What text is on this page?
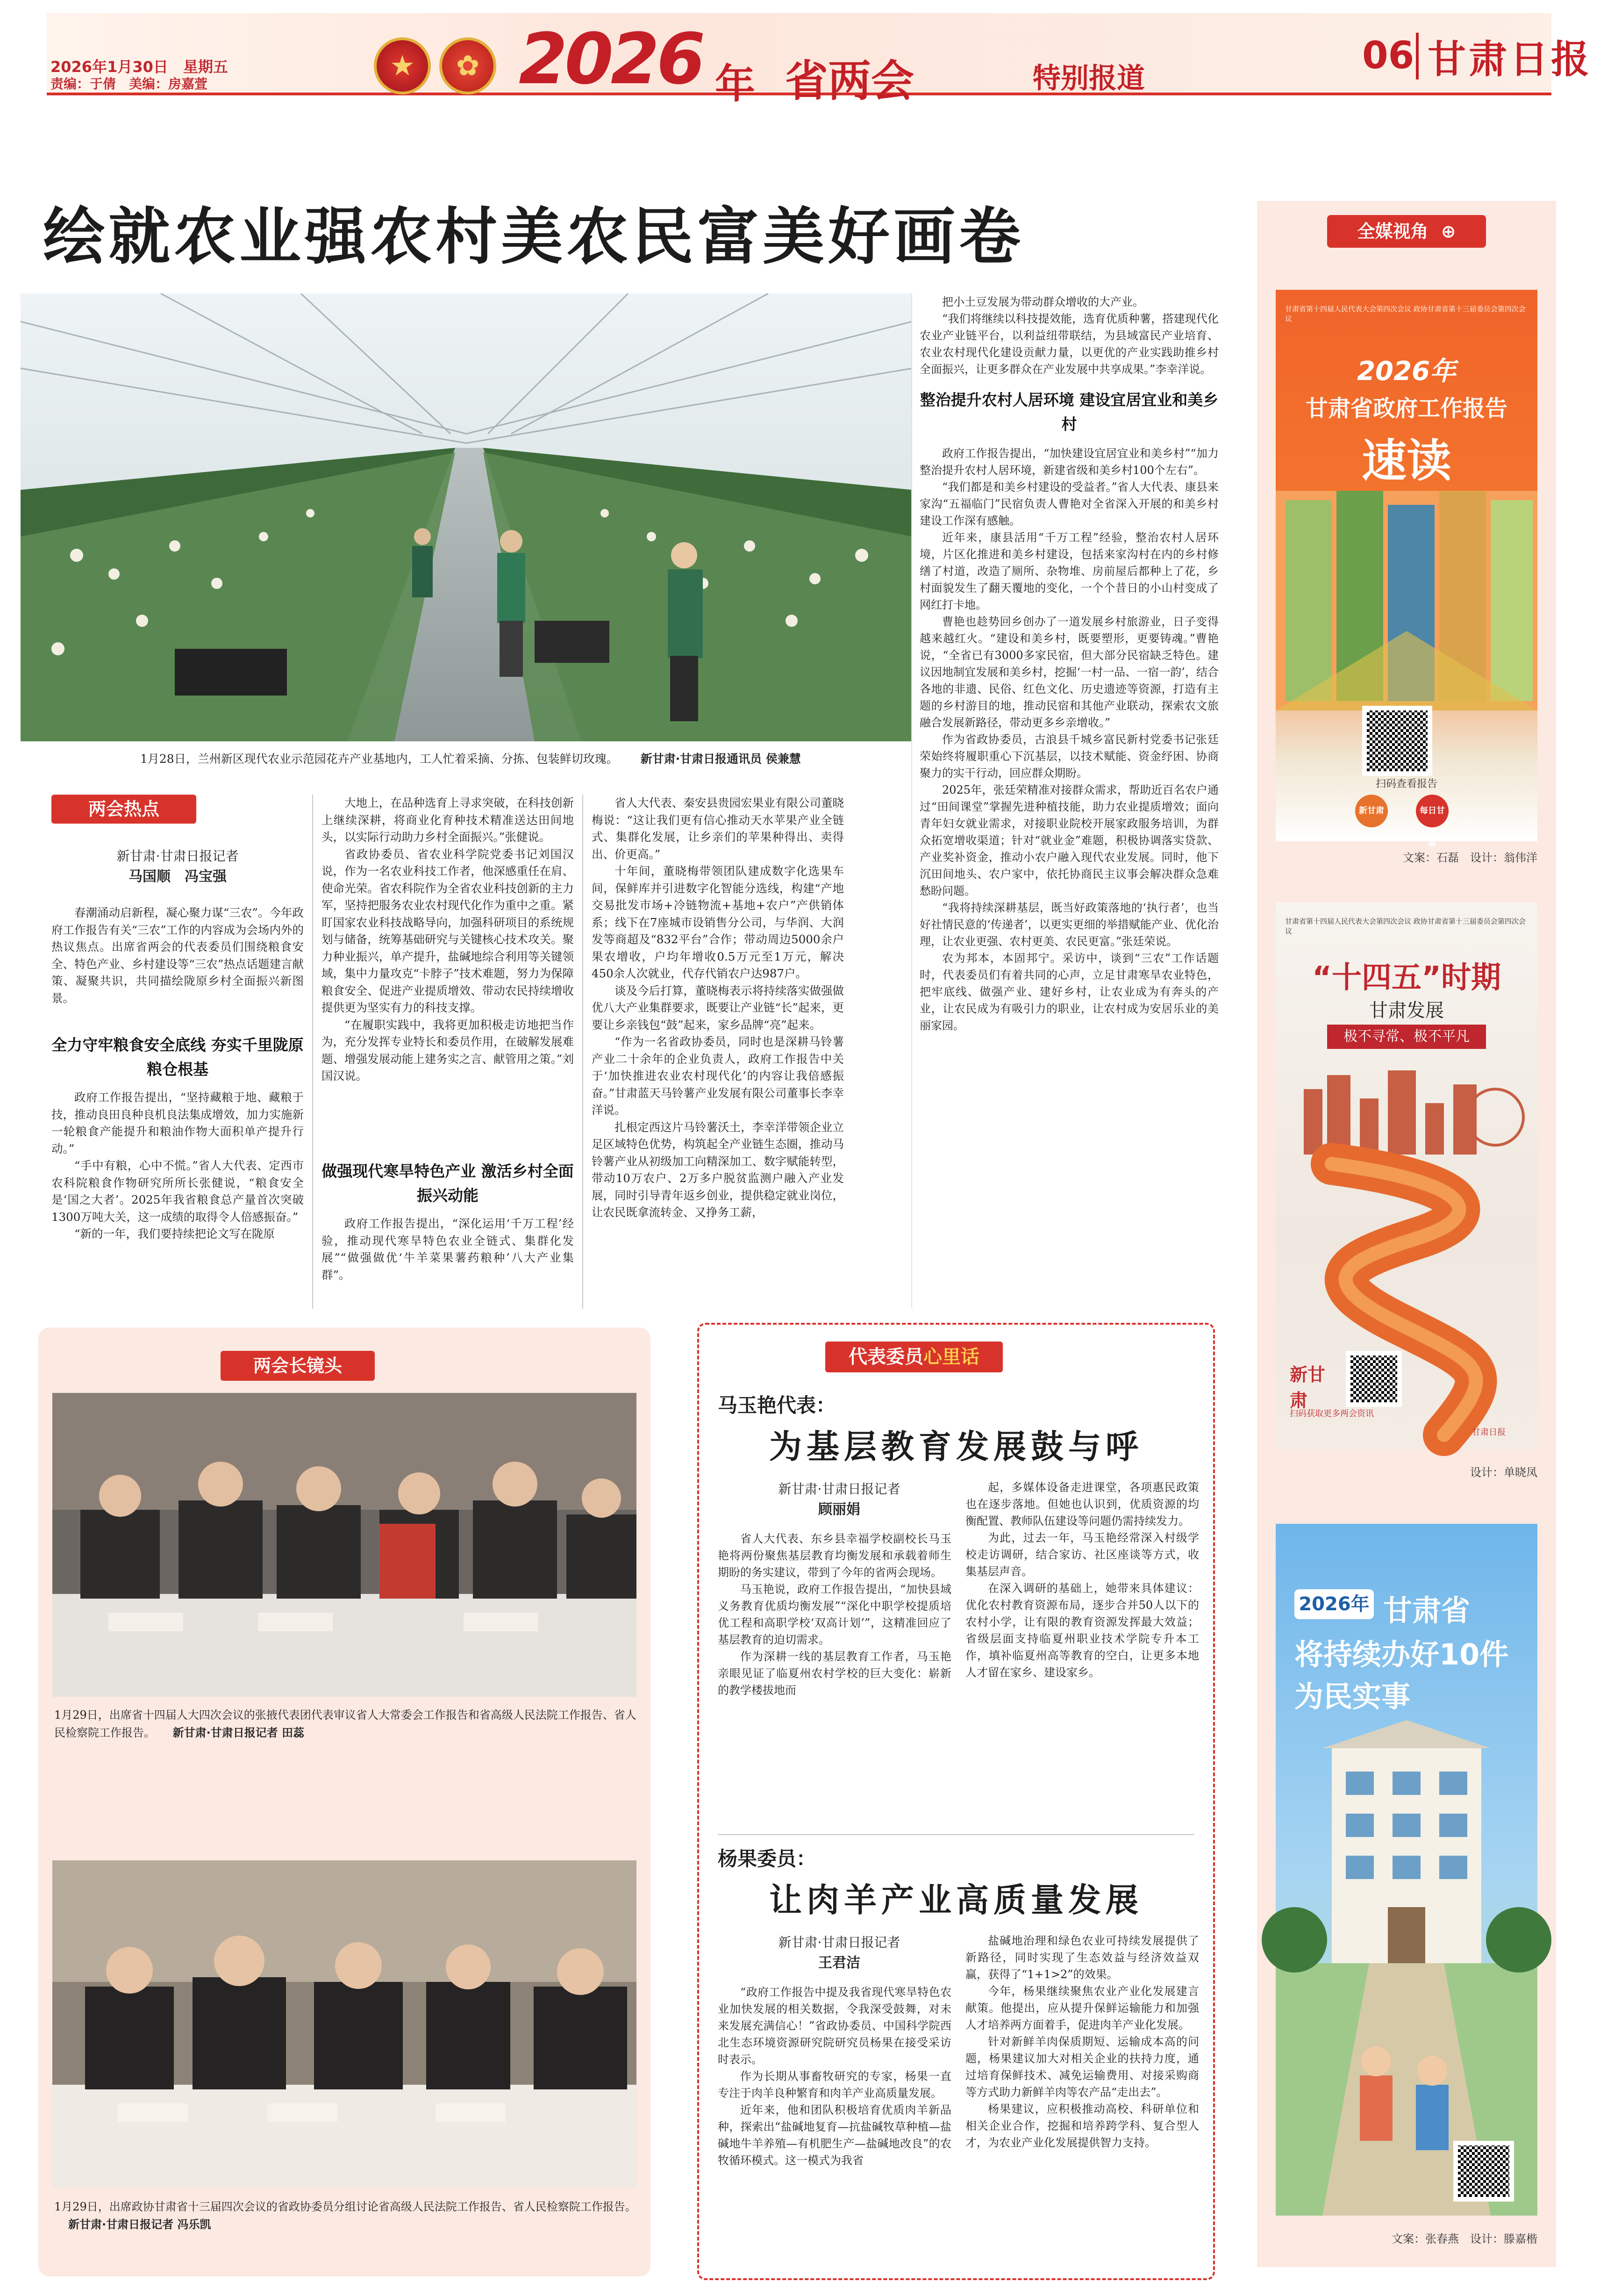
2026年1月30日　星期五
责编：于倩　美编：房嘉萱
★	✿ 2026 年 省两会	特别报道
06 甘肃日报
绘就农业强农村美农民富美好画卷
1月28日，兰州新区现代农业示范园花卉产业基地内，工人忙着采摘、分拣、包装鲜切玫瑰。 新甘肃·甘肃日报通讯员 侯兼慧
两会热点
新甘肃·甘肃日报记者
马国顺　冯宝强

春潮涌动启新程，凝心聚力谋“三农”。今年政府工作报告有关“三农”工作的内容成为会场内外的热议焦点。出席省两会的代表委员们围绕粮食安全、特色产业、乡村建设等“三农”热点话题建言献策、凝聚共识，共同描绘陇原乡村全面振兴新图景。

全力守牢粮食安全底线 夯实千里陇原粮仓根基

政府工作报告提出，“坚持藏粮于地、藏粮于技，推动良田良种良机良法集成增效，加力实施新一轮粮食产能提升和粮油作物大面积单产提升行动。”

“手中有粮，心中不慌。”省人大代表、定西市农科院粮食作物研究所所长张健说，“粮食安全是‘国之大者’。2025年我省粮食总产量首次突破1300万吨大关，这一成绩的取得令人倍感振奋。”

“新的一年，我们要持续把论文写在陇原

大地上，在品种选育上寻求突破，在科技创新上继续深耕，将商业化育种技术精准送达田间地头，以实际行动助力乡村全面振兴。”张健说。

省政协委员、省农业科学院党委书记刘国汉说，作为一名农业科技工作者，他深感重任在肩、使命光荣。省农科院作为全省农业科技创新的主力军，坚持把服务农业农村现代化作为重中之重。紧盯国家农业科技战略导向，加强科研项目的系统规划与储备，统筹基础研究与关键核心技术攻关。聚力种业振兴，单产提升，盐碱地综合利用等关键领域，集中力量攻克“卡脖子”技术难题，努力为保障粮食安全、促进产业提质增效、带动农民持续增收提供更为坚实有力的科技支撑。

“在履职实践中，我将更加积极走访地把当作为，充分发挥专业特长和委员作用，在破解发展难题、增强发展动能上建务实之言、献管用之策。”刘国汉说。

做强现代寒旱特色产业 激活乡村全面振兴动能

政府工作报告提出，“深化运用‘千万工程’经验，推动现代寒旱特色农业全链式、集群化发展”“做强做优‘牛羊菜果薯药粮种’八大产业集群”。

省人大代表、秦安县贵园宏果业有限公司董晓梅说：“这让我们更有信心推动天水苹果产业全链式、集群化发展，让乡亲们的苹果种得出、卖得出、价更高。”

十年间，董晓梅带领团队建成数字化选果车间，保鲜库并引进数字化智能分选线，构建“产地交易批发市场+冷链物流+基地+农户”产供销体系；线下在7座城市设销售分公司，与华润、大润发等商超及“832平台”合作；带动周边5000余户果农增收，户均年增收0.5万元至1万元，解决450余人次就业，代存代销农户达987户。

谈及今后打算，董晓梅表示将持续落实做强做优八大产业集群要求，既要让产业链“长”起来，更要让乡亲钱包“鼓”起来，家乡品牌“亮”起来。

“作为一名省政协委员，同时也是深耕马铃薯产业二十余年的企业负责人，政府工作报告中关于‘加快推进农业农村现代化’的内容让我倍感振奋。”甘肃蓝天马铃薯产业发展有限公司董事长李幸洋说。

扎根定西这片马铃薯沃土，李幸洋带领企业立足区域特色优势，构筑起全产业链生态圈，推动马铃薯产业从初级加工向精深加工、数字赋能转型，带动10万农户、2万多户脱贫监测户融入产业发展，同时引导青年返乡创业，提供稳定就业岗位，让农民既拿流转金、又挣务工薪，

把小土豆发展为带动群众增收的大产业。

“我们将继续以科技提效能，选育优质种薯，搭建现代化农业产业链平台，以利益纽带联结，为县域富民产业培育、农业农村现代化建设贡献力量，以更优的产业实践助推乡村全面振兴，让更多群众在产业发展中共享成果。”李幸洋说。

整治提升农村人居环境 建设宜居宜业和美乡村

政府工作报告提出，“加快建设宜居宜业和美乡村”“加力整治提升农村人居环境，新建省级和美乡村100个左右”。

“我们都是和美乡村建设的受益者。”省人大代表、康县来家沟“五福临门”民宿负责人曹艳对全省深入开展的和美乡村建设工作深有感触。

近年来，康县活用“千万工程”经验，整治农村人居环境，片区化推进和美乡村建设，包括来家沟村在内的乡村修缮了村道，改造了厕所、杂物堆、房前屋后都种上了花，乡村面貌发生了翻天覆地的变化，一个个昔日的小山村变成了网红打卡地。

曹艳也趁势回乡创办了一道发展乡村旅游业，日子变得越来越红火。“建设和美乡村，既要塑形，更要铸魂。”曹艳说，“全省已有3000多家民宿，但大部分民宿缺乏特色。建议因地制宜发展和美乡村，挖掘‘一村一品、一宿一韵’，结合各地的非遗、民俗、红色文化、历史遗迹等资源，打造有主题的乡村游目的地，推动民宿和其他产业联动，探索农文旅融合发展新路径，带动更多乡亲增收。”

作为省政协委员，古浪县千城乡富民新村党委书记张廷荣始终将履职重心下沉基层，以技术赋能、资金纾困、协商聚力的实干行动，回应群众期盼。

2025年，张廷荣精准对接群众需求，帮助近百名农户通过“田间课堂”掌握先进种植技能，助力农业提质增效；面向青年妇女就业需求，对接职业院校开展家政服务培训，为群众拓宽增收渠道；针对“就业金”难题，积极协调落实贷款、产业奖补资金，推动小农户融入现代农业发展。同时，他下沉田间地头、农户家中，依托协商民主议事会解决群众急难愁盼问题。

“我将持续深耕基层，既当好政策落地的‘执行者’，也当好社情民意的‘传递者’，以更实更细的举措赋能产业、优化治理，让农业更强、农村更美、农民更富。”张廷荣说。

农为邦本，本固邦宁。采访中，谈到“三农”工作话题时，代表委员们有着共同的心声，立足甘肃寒旱农业特色，把牢底线、做强产业、建好乡村，让农业成为有奔头的产业，让农民成为有吸引力的职业，让农村成为安居乐业的美丽家园。

两会长镜头
1月29日，出席省十四届人大四次会议的张掖代表团代表审议省人大常委会工作报告和省高级人民法院工作报告、省人民检察院工作报告。 新甘肃·甘肃日报记者 田蕊
1月29日，出席政协甘肃省十三届四次会议的省政协委员分组讨论省高级人民法院工作报告、省人民检察院工作报告。 新甘肃·甘肃日报记者 冯乐凯
代表委员心里话
马玉艳代表：
为基层教育发展鼓与呼
新甘肃·甘肃日报记者
顾丽娟

省人大代表、东乡县幸福学校副校长马玉艳将两份聚焦基层教育均衡发展和承载着师生期盼的务实建议，带到了今年的省两会现场。

马玉艳说，政府工作报告提出，“加快县域义务教育优质均衡发展”“深化中职学校提质培优工程和高职学校‘双高计划’”，这精准回应了基层教育的迫切需求。

作为深耕一线的基层教育工作者，马玉艳亲眼见证了临夏州农村学校的巨大变化：崭新的教学楼拔地而

起，多媒体设备走进课堂，各项惠民政策也在逐步落地。但她也认识到，优质资源的均衡配置、教师队伍建设等问题仍需持续发力。

为此，过去一年，马玉艳经常深入村级学校走访调研，结合家访、社区座谈等方式，收集基层声音。

在深入调研的基础上，她带来具体建议：优化农村教育资源布局，逐步合并50人以下的农村小学，让有限的教育资源发挥最大效益；省级层面支持临夏州职业技术学院专升本工作，填补临夏州高等教育的空白，让更多本地人才留在家乡、建设家乡。

杨果委员：
让肉羊产业高质量发展
新甘肃·甘肃日报记者
王君洁

“政府工作报告中提及我省现代寒旱特色农业加快发展的相关数据，令我深受鼓舞，对未来发展充满信心！”省政协委员、中国科学院西北生态环境资源研究院研究员杨果在接受采访时表示。

作为长期从事畜牧研究的专家，杨果一直专注于肉羊良种繁育和肉羊产业高质量发展。

近年来，他和团队积极培育优质肉羊新品种，探索出“盐碱地复育—抗盐碱牧草种植—盐碱地牛羊养殖—有机肥生产—盐碱地改良”的农牧循环模式。这一模式为我省

盐碱地治理和绿色农业可持续发展提供了新路径，同时实现了生态效益与经济效益双赢，获得了“1+1>2”的效果。

今年，杨果继续聚焦农业产业化发展建言献策。他提出，应从提升保鲜运输能力和加强人才培养两方面着手，促进肉羊产业化发展。

针对新鲜羊肉保质期短、运输成本高的问题，杨果建议加大对相关企业的扶持力度，通过培育保鲜技术、减免运输费用、对接采购商等方式助力新鲜羊肉等农产品“走出去”。

杨果建议，应积极推动高校、科研单位和相关企业合作，挖掘和培养跨学科、复合型人才，为农业产业化发展提供智力支持。

全媒视角 ⊕
甘肃省第十四届人民代表大会第四次会议 政协甘肃省第十三届委员会第四次会议
2026年
甘肃省政府工作报告
速读
扫码查看报告
新甘肃	每日甘肃
文案：石磊　设计：翁伟洋
甘肃省第十四届人民代表大会第四次会议 政协甘肃省第十三届委员会第四次会议
“十四五”时期
甘肃发展
极不寻常、极不平凡
新甘肃
扫码获取更多两会资讯
甘肃日报
设计：单晓凤
2026年 甘肃省
将持续办好10件
为民实事
文案：张春燕　设计：滕嘉楷
